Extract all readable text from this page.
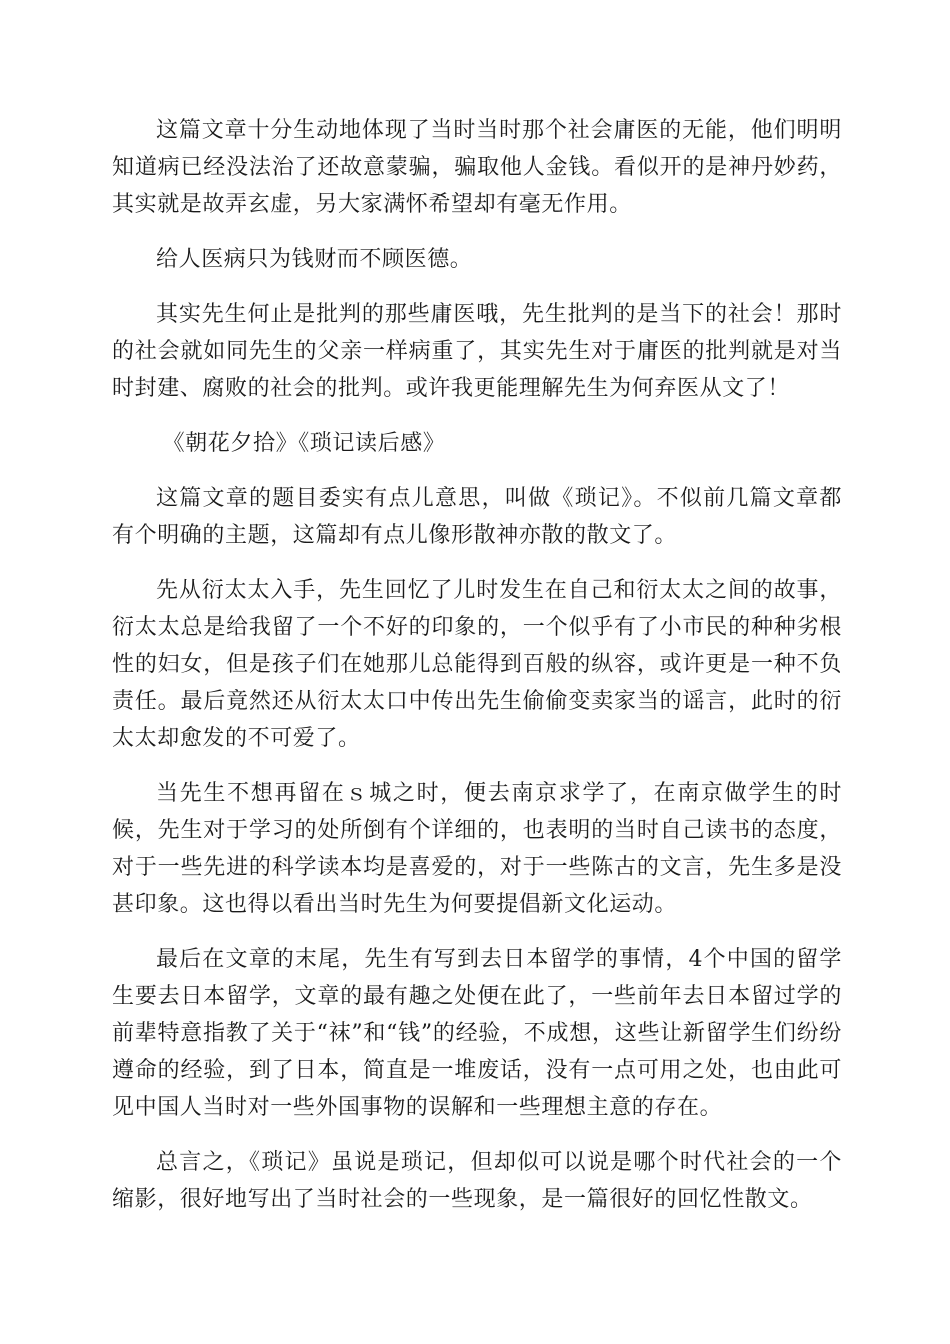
这篇文章十分生动地体现了当时当时那个社会庸医的无能，他们明明知道病已经没法治了还故意蒙骗，骗取他人金钱。看似开的是神丹妙药，其实就是故弄玄虚，另大家满怀希望却有毫无作用。

给人医病只为钱财而不顾医德。

其实先生何止是批判的那些庸医哦，先生批判的是当下的社会！那时的社会就如同先生的父亲一样病重了，其实先生对于庸医的批判就是对当时封建、腐败的社会的批判。或许我更能理解先生为何弃医从文了！

《朝花夕拾》《琐记读后感》

这篇文章的题目委实有点儿意思，叫做《琐记》。不似前几篇文章都有个明确的主题，这篇却有点儿像形散神亦散的散文了。

先从衍太太入手，先生回忆了儿时发生在自己和衍太太之间的故事，衍太太总是给我留了一个不好的印象的，一个似乎有了小市民的种种劣根性的妇女，但是孩子们在她那儿总能得到百般的纵容，或许更是一种不负责任。最后竟然还从衍太太口中传出先生偷偷变卖家当的谣言，此时的衍太太却愈发的不可爱了。

当先生不想再留在ｓ城之时，便去南京求学了，在南京做学生的时候，先生对于学习的处所倒有个详细的，也表明的当时自己读书的态度，对于一些先进的科学读本均是喜爱的，对于一些陈古的文言，先生多是没甚印象。这也得以看出当时先生为何要提倡新文化运动。

最后在文章的末尾，先生有写到去日本留学的事情，4个中国的留学生要去日本留学，文章的最有趣之处便在此了，一些前年去日本留过学的前辈特意指教了关于“袜”和“钱”的经验，不成想，这些让新留学生们纷纷遵命的经验，到了日本，简直是一堆废话，没有一点可用之处，也由此可见中国人当时对一些外国事物的误解和一些理想主意的存在。

总言之，《琐记》虽说是琐记，但却似可以说是哪个时代社会的一个缩影，很好地写出了当时社会的一些现象，是一篇很好的回忆性散文。
